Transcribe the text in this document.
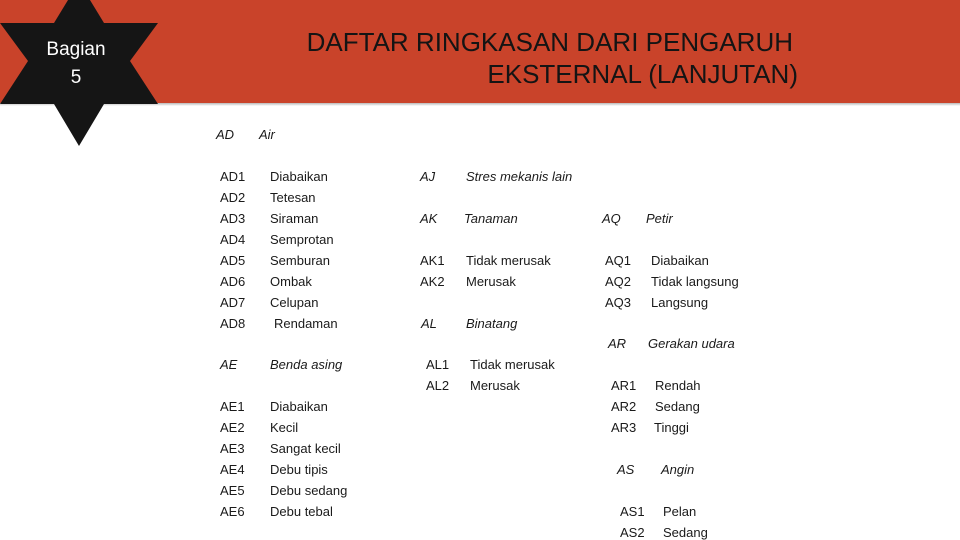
DAFTAR RINGKASAN DARI PENGARUH
EKSTERNAL (LANJUTAN)
Bagian
5
AD Air
AD1 Diabaikan
AD2 Tetesan
AD3 Siraman
AD4 Semprotan
AD5 Semburan
AD6 Ombak
AD7 Celupan
AD8 Rendaman
AE	Benda asing
AE1 Diabaikan
AE2 Kecil
AE3 Sangat kecil
AE4 Debu tipis
AE5 Debu sedang
AE6 Debu tebal
AJ Stres mekanis lain
AK Tanaman
AK1 Tidak merusak
AK2 Merusak
AL Binatang
AL1 Tidak merusak
AL2 Merusak
AQ Petir
AQ1 Diabaikan
AQ2 Tidak langsung
AQ3 Langsung
AR Gerakan udara
AR1 Rendah
AR2 Sedang
AR3 Tinggi
AS Angin
AS1 Pelan
AS2 Sedang
